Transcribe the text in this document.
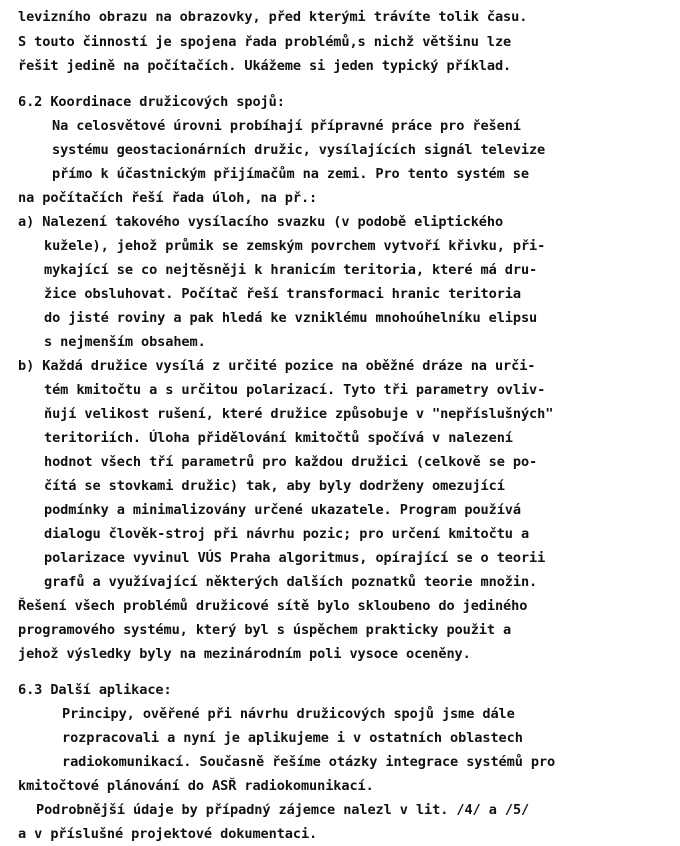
levizního obrazu na obrazovky, před kterými trávíte tolik času.
S touto činností je spojena řada problémů,s nichž většinu lze
řešit jedině na počítačích. Ukážeme si jeden typický příklad.
6.2 Koordinace družicových spojů:
Na celosvětové úrovni probíhají přípravné práce pro řešení
systému geostacionárních družic, vysílajících signál televize
přímo k účastnickým přijímačům na zemi. Pro tento systém se
na počítačích řeší řada úloh, na př.:
a) Nalezení takového vysílacího svazku (v podobě eliptického
kužele), jehož průmik se zemským povrchem vytvoří křivku, při-
mykající se co nejtěsněji k hranicím teritoria, které má dru-
žice obsluhovat. Počítač řeší transformaci hranic teritoria
do jisté roviny a pak hledá ke vzniklému mnohoúhelníku elipsu
s nejmenším obsahem.
b) Každá družice vysílá z určité pozice na oběžné dráze na urči-
tém kmitočtu a s určitou polarizací. Tyto tři parametry ovliv-
ňují velikost rušení, které družice způsobuje v "nepříslušných"
teritoriích. Úloha přidělování kmitočtů spočívá v nalezení
hodnot všech tří parametrů pro každou družici (celkově se po-
čítá se stovkami družic) tak, aby byly dodrženy omezující
podmínky a minimalizovány určené ukazatele. Program používá
dialogu člověk-stroj při návrhu pozic; pro určení kmitočtu a
polarizace vyvinul VÚS Praha algoritmus, opírající se o teorii
grafů a využívající některých dalších poznatků teorie množin.
Řešení všech problémů družicové sítě bylo skloubeno do jediného
programového systému, který byl s úspěchem prakticky použit a
jehož výsledky byly na mezinárodním poli vysoce oceněny.
6.3 Další aplikace:
Principy, ověřené při návrhu družicových spojů jsme dále
rozpracovali a nyní je aplikujeme i v ostatních oblastech
radiokomunikací. Současně řešíme otázky integrace systémů pro
kmitočtové plánování do ASŘ radiokomunikací.
Podrobnější údaje by případný zájemce nalezl v lit. /4/ a /5/
a v příslušné projektové dokumentaci.
